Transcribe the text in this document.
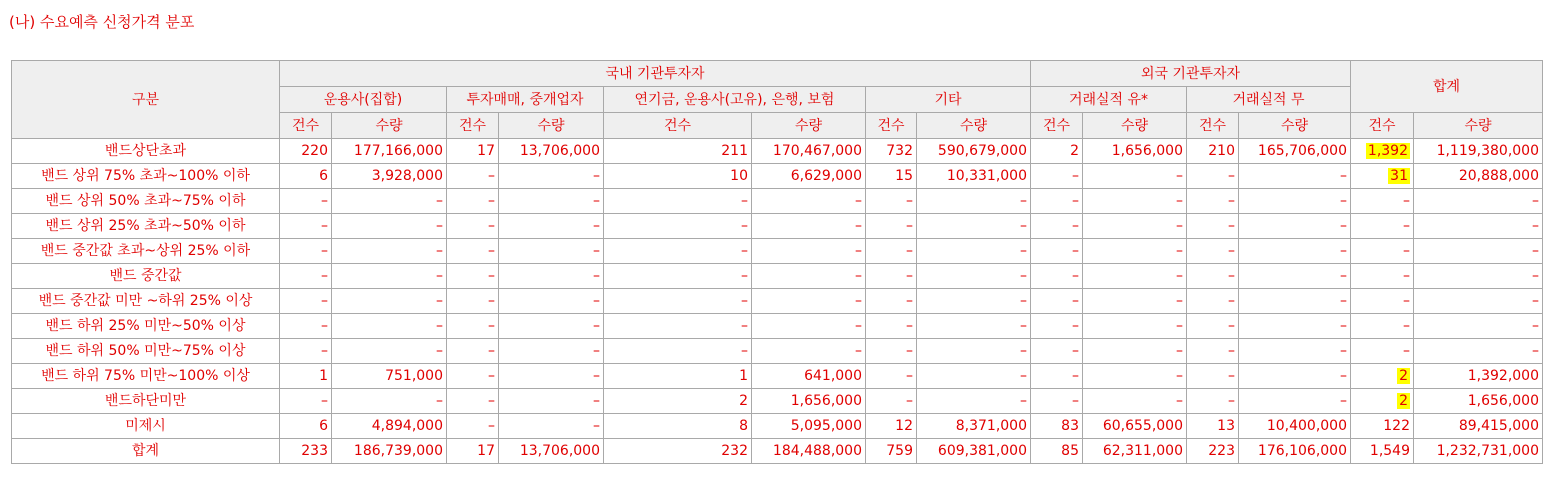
(나) 수요예측 신청가격 분포
구분	국내 기관투자자								외국 기관투자자				합계	
	운용사(집합)		투자매매, 중개업자		연기금, 운용사(고유), 은행, 보험		기타		거래실적 유*		거래실적 무			
	건수	수량	건수	수량	건수	수량	건수	수량	건수	수량	건수	수량	건수	수량
밴드상단초과	220	177,166,000	17	13,706,000	211	170,467,000	732	590,679,000	2	1,656,000	210	165,706,000	1,392	1,119,380,000
밴드 상위 75% 초과~100% 이하	6	3,928,000	–	–	10	6,629,000	15	10,331,000	–	–	–	–	31	20,888,000
밴드 상위 50% 초과~75% 이하	–	–	–	–	–	–	–	–	–	–	–	–	–	–
밴드 상위 25% 초과~50% 이하	–	–	–	–	–	–	–	–	–	–	–	–	–	–
밴드 중간값 초과~상위 25% 이하	–	–	–	–	–	–	–	–	–	–	–	–	–	–
밴드 중간값	–	–	–	–	–	–	–	–	–	–	–	–	–	–
밴드 중간값 미만 ~하위 25% 이상	–	–	–	–	–	–	–	–	–	–	–	–	–	–
밴드 하위 25% 미만~50% 이상	–	–	–	–	–	–	–	–	–	–	–	–	–	–
밴드 하위 50% 미만~75% 이상	–	–	–	–	–	–	–	–	–	–	–	–	–	–
밴드 하위 75% 미만~100% 이상	1	751,000	–	–	1	641,000	–	–	–	–	–	–	2	1,392,000
밴드하단미만	–	–	–	–	2	1,656,000	–	–	–	–	–	–	2	1,656,000
미제시	6	4,894,000	–	–	8	5,095,000	12	8,371,000	83	60,655,000	13	10,400,000	122	89,415,000
합계	233	186,739,000	17	13,706,000	232	184,488,000	759	609,381,000	85	62,311,000	223	176,106,000	1,549	1,232,731,000
